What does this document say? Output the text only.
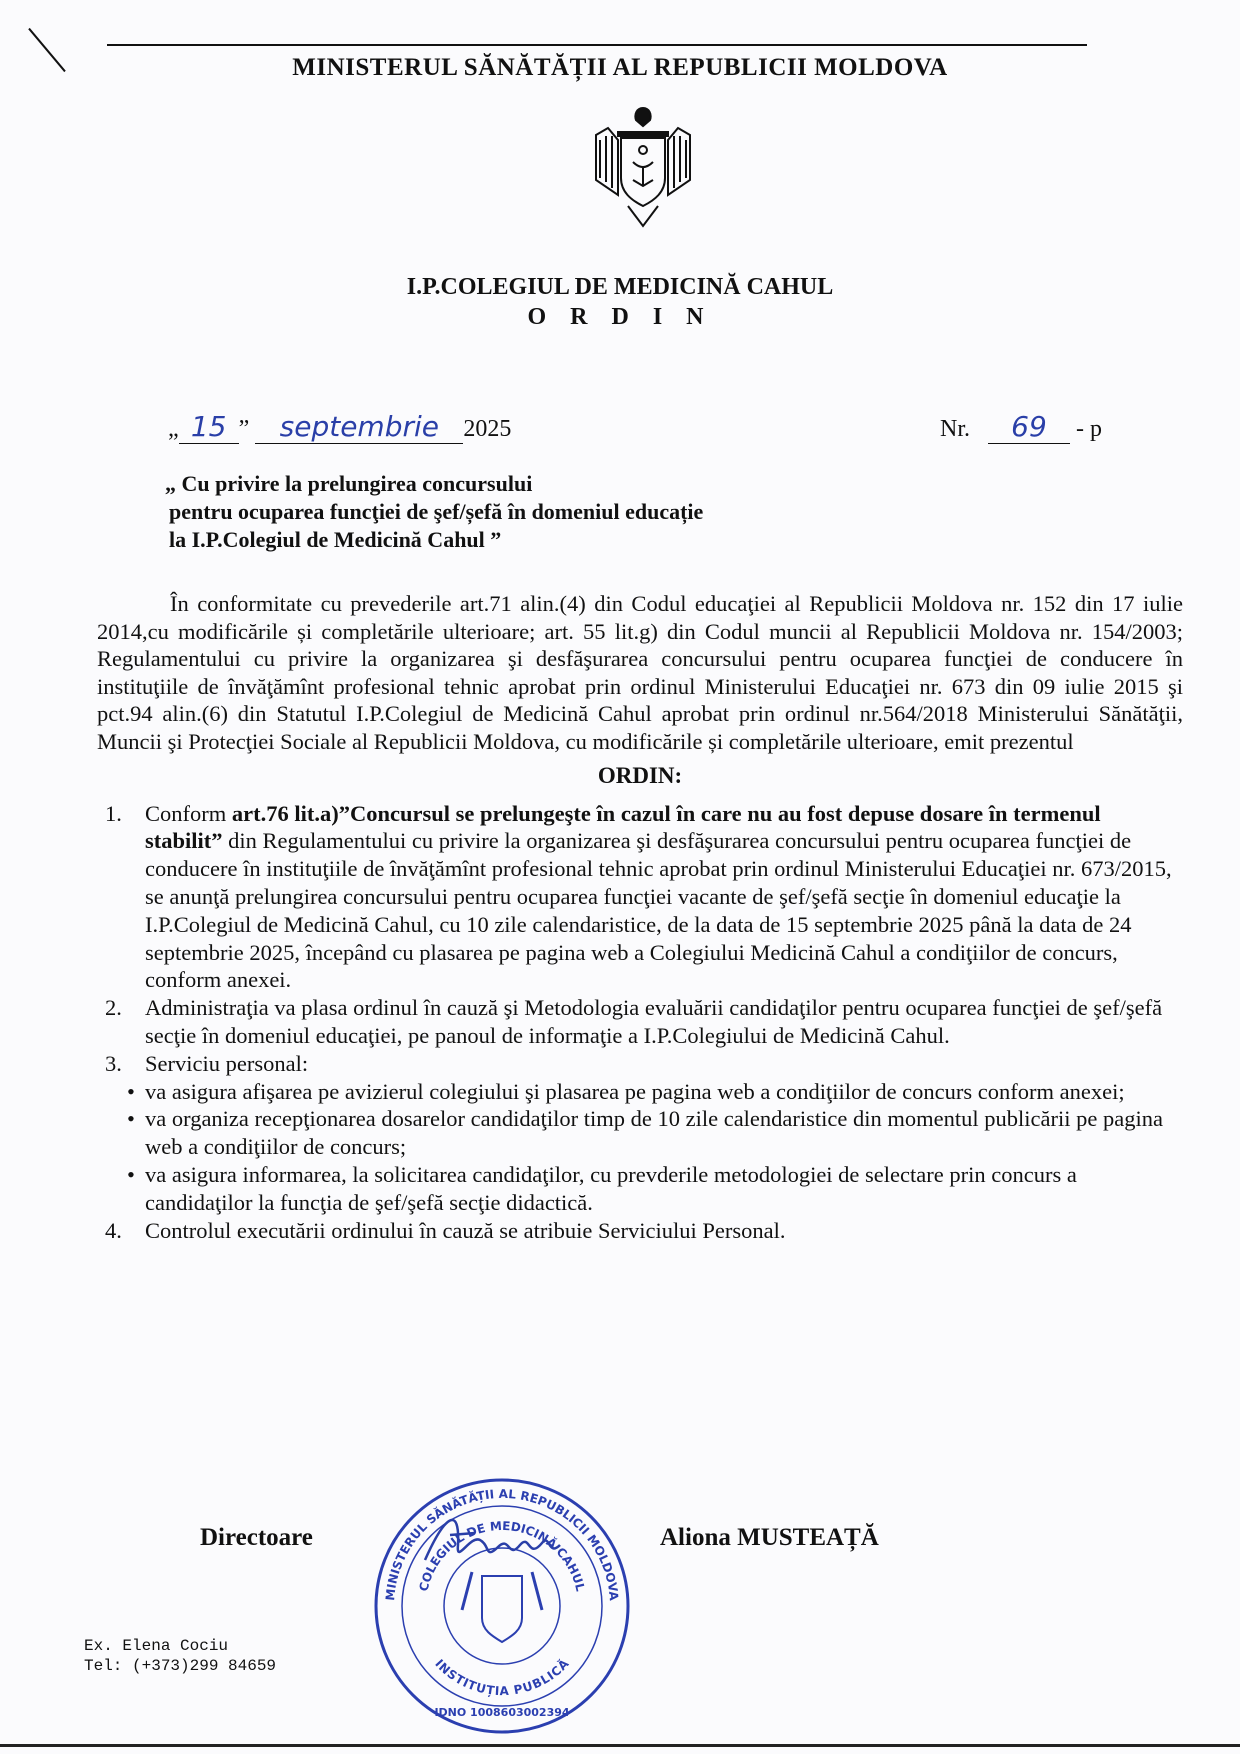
MINISTERUL SĂNĂTĂȚII AL REPUBLICII MOLDOVA
I.P.COLEGIUL DE MEDICINĂ CAHUL
O R D I N
„ 15 ” septembrie 2025	Nr. 69 - p
„ Cu privire la prelungirea concursului
pentru ocuparea funcţiei de şef/șefă în domeniul educație
la I.P.Colegiul de Medicină Cahul ”

În conformitate cu prevederile art.71 alin.(4) din Codul educaţiei al Republicii Moldova nr. 152 din 17 iulie 2014,cu modificările și completările ulterioare; art. 55 lit.g) din Codul muncii al Republicii Moldova nr. 154/2003; Regulamentului cu privire la organizarea şi desfăşurarea concursului pentru ocuparea funcţiei de conducere în instituţiile de învăţămînt profesional tehnic aprobat prin ordinul Ministerului Educaţiei nr. 673 din 09 iulie 2015 şi pct.94 alin.(6) din Statutul I.P.Colegiul de Medicină Cahul aprobat prin ordinul nr.564/2018 Ministerului Sănătăţii, Muncii şi Protecţiei Sociale al Republicii Moldova, cu modificările și completările ulterioare, emit prezentul

ORDIN:
1.	Conform art.76 lit.a)”Concursul se prelungeşte în cazul în care nu au fost depuse dosare în termenul stabilit” din Regulamentului cu privire la organizarea şi desfăşurarea concursului pentru ocuparea funcţiei de conducere în instituţiile de învăţămînt profesional tehnic aprobat prin ordinul Ministerului Educaţiei nr. 673/2015, se anunţă prelungirea concursului pentru ocuparea funcţiei vacante de şef/şefă secţie în domeniul educaţie la I.P.Colegiul de Medicină Cahul, cu 10 zile calendaristice, de la data de 15 septembrie 2025 până la data de 24 septembrie 2025, începând cu plasarea pe pagina web a Colegiului Medicină Cahul a condiţiilor de concurs, conform anexei.
2.	Administraţia va plasa ordinul în cauză şi Metodologia evaluării candidaţilor pentru ocuparea funcţiei de şef/şefă secţie în domeniul educaţiei, pe panoul de informaţie a I.P.Colegiului de Medicină Cahul.
3.	Serviciu personal:
• va asigura afişarea pe avizierul colegiului şi plasarea pe pagina web a condiţiilor de concurs conform anexei;
• va organiza recepţionarea dosarelor candidaţilor timp de 10 zile calendaristice din momentul publicării pe pagina web a condiţiilor de concurs;
• va asigura informarea, la solicitarea candidaţilor, cu prevderile metodologiei de selectare prin concurs a candidaţilor la funcţia de şef/şefă secţie didactică.
4.	Controlul executării ordinului în cauză se atribuie Serviciului Personal.
Directoare	Aliona MUSTEAȚĂ
MINISTERUL SĂNĂTĂȚII AL REPUBLICII MOLDOVA
COLEGIUL DE MEDICINĂ CAHUL
INSTITUȚIA PUBLICĂ
IDNO 1008603002394
Ex. Elena Cociu
Tel: (+373)299 84659
